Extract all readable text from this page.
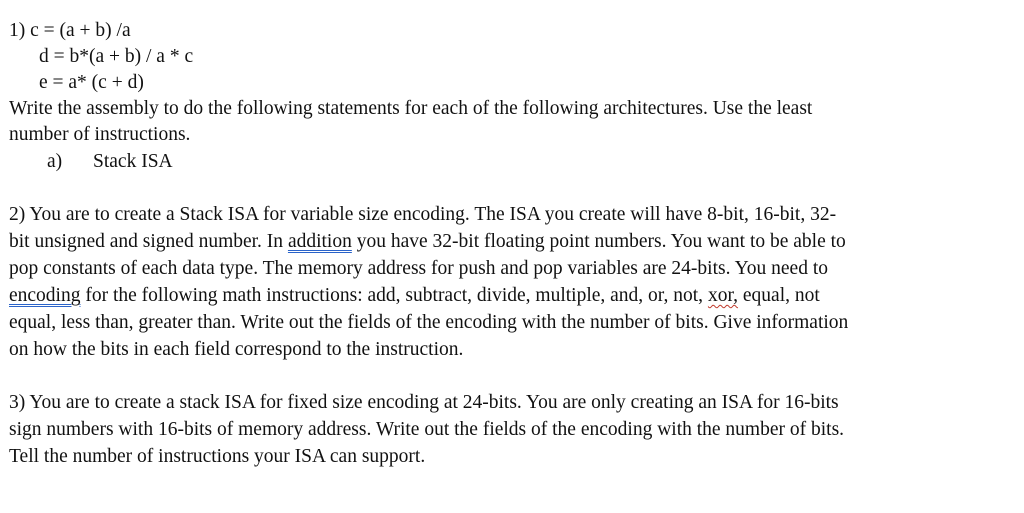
1) c = (a + b) /a
d = b*(a + b) / a * c
e = a* (c + d)
Write the assembly to do the following statements for each of the following architectures. Use the least
number of instructions.
a) Stack ISA
2) You are to create a Stack ISA for variable size encoding. The ISA you create will have 8-bit, 16-bit, 32-
bit unsigned and signed number. In addition you have 32-bit floating point numbers. You want to be able to
pop constants of each data type. The memory address for push and pop variables are 24-bits. You need to
encoding for the following math instructions: add, subtract, divide, multiple, and, or, not, xor, equal, not
equal, less than, greater than. Write out the fields of the encoding with the number of bits. Give information
on how the bits in each field correspond to the instruction.
3) You are to create a stack ISA for fixed size encoding at 24-bits. You are only creating an ISA for 16-bits
sign numbers with 16-bits of memory address. Write out the fields of the encoding with the number of bits.
Tell the number of instructions your ISA can support.
